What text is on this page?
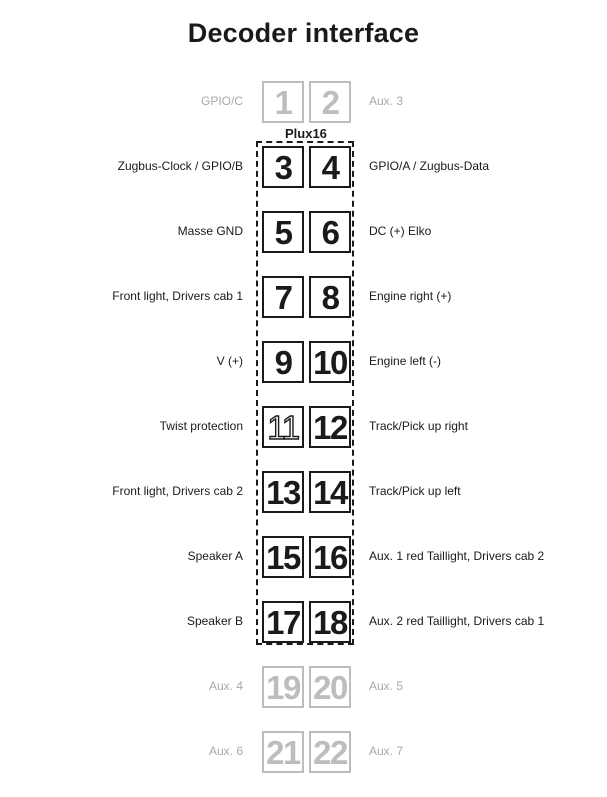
Decoder interface
Plux16
GPIO/C 1 2	Aux. 3
Zugbus-Clock / GPIO/B 3 4	GPIO/A / Zugbus-Data
Masse GND 5 6	DC (+) Elko
Front light, Drivers cab 1 7 8	Engine right (+)
V (+) 9 10	Engine left (-)
Twist protection 11 12	Track/Pick up right
Front light, Drivers cab 2 13 14	Track/Pick up left
Speaker A 15 16	Aux. 1 red Taillight, Drivers cab 2
Speaker B 17 18	Aux. 2 red Taillight, Drivers cab 1
Aux. 4 19 20	Aux. 5
Aux. 6 21 22	Aux. 7
